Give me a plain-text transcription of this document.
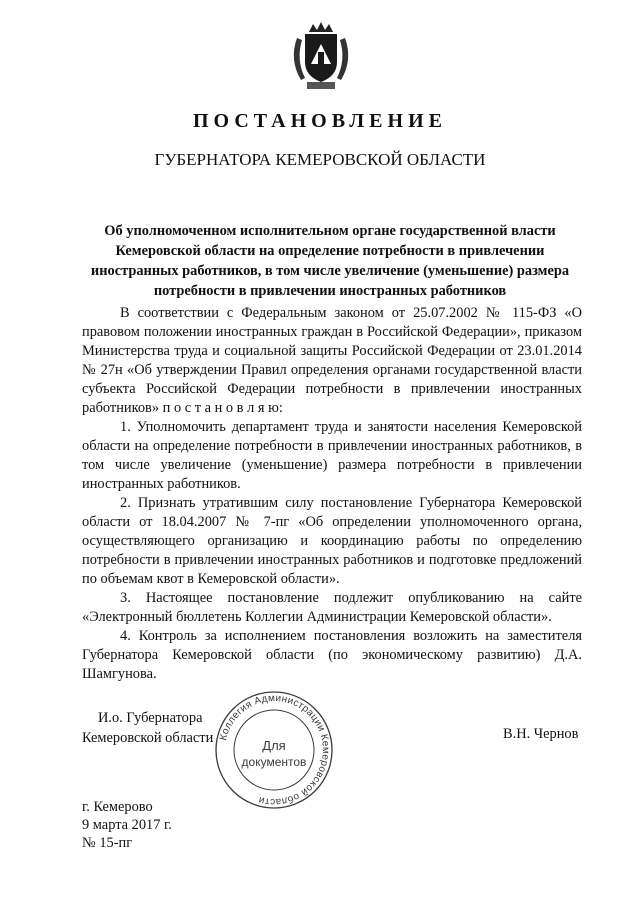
ПОСТАНОВЛЕНИЕ
ГУБЕРНАТОРА КЕМЕРОВСКОЙ ОБЛАСТИ
Об уполномоченном исполнительном органе государственной власти Кемеровской области на определение потребности в привлечении иностранных работников, в том числе увеличение (уменьшение) размера потребности в привлечении иностранных работников

В соответствии с Федеральным законом от 25.07.2002 № 115-ФЗ «О правовом положении иностранных граждан в Российской Федерации», приказом Министерства труда и социальной защиты Российской Федерации от 23.01.2014 № 27н «Об утверждении Правил определения органами государственной власти субъекта Российской Федерации потребности в привлечении иностранных работников» п о с т а н о в л я ю:

1. Уполномочить департамент труда и занятости населения Кемеровской области на определение потребности в привлечении иностранных работников, в том числе увеличение (уменьшение) размера потребности в привлечении иностранных работников.

2. Признать утратившим силу постановление Губернатора Кемеровской области от 18.04.2007 № 7-пг «Об определении уполномоченного органа, осуществляющего организацию и координацию работы по определению потребности в привлечении иностранных работников и подготовке предложений по объемам квот в Кемеровской области».

3. Настоящее постановление подлежит опубликованию на сайте «Электронный бюллетень Коллегии Администрации Кемеровской области».

4. Контроль за исполнением постановления возложить на заместителя Губернатора Кемеровской области (по экономическому развитию) Д.А. Шамгунова.

Коллегия Администрации Кемеровской области
Для
документов
И.о. Губернатора
Кемеровской области	В.Н. Чернов
г. Кемерово
9 марта 2017 г.
№ 15-пг
